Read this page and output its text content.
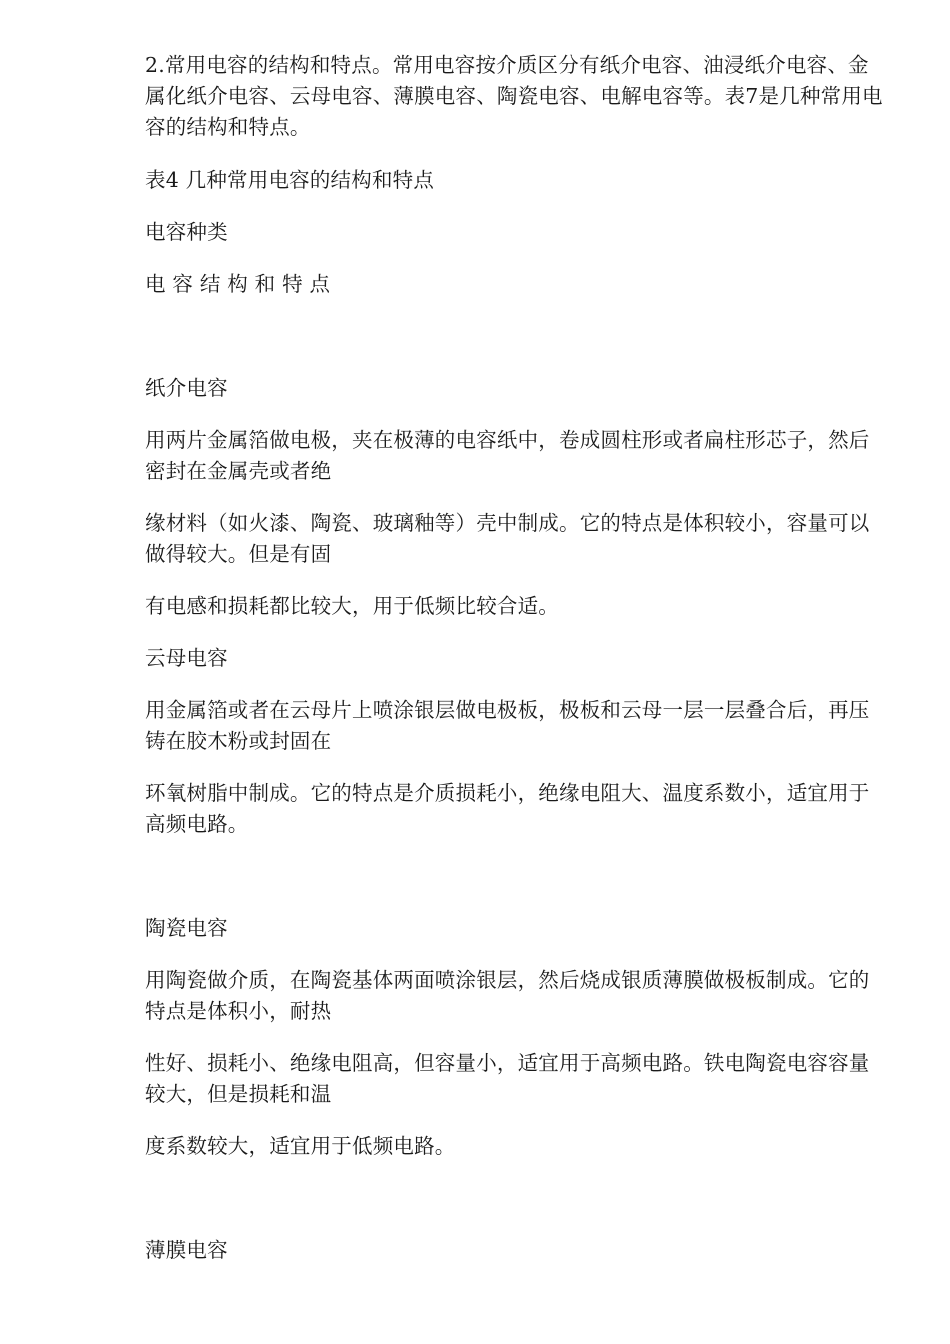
2.常用电容的结构和特点。常用电容按介质区分有纸介电容、油浸纸介电容、金属化纸介电容、云母电容、薄膜电容、陶瓷电容、电解电容等。表7是几种常用电容的结构和特点。

表4 几种常用电容的结构和特点

电容种类

电 容 结 构 和 特 点

纸介电容

用两片金属箔做电极，夹在极薄的电容纸中，卷成圆柱形或者扁柱形芯子，然后密封在金属壳或者绝

缘材料（如火漆、陶瓷、玻璃釉等）壳中制成。它的特点是体积较小，容量可以做得较大。但是有固

有电感和损耗都比较大，用于低频比较合适。

云母电容

用金属箔或者在云母片上喷涂银层做电极板，极板和云母一层一层叠合后，再压铸在胶木粉或封固在

环氧树脂中制成。它的特点是介质损耗小，绝缘电阻大、温度系数小，适宜用于高频电路。

陶瓷电容

用陶瓷做介质，在陶瓷基体两面喷涂银层，然后烧成银质薄膜做极板制成。它的特点是体积小，耐热

性好、损耗小、绝缘电阻高，但容量小，适宜用于高频电路。铁电陶瓷电容容量较大，但是损耗和温

度系数较大，适宜用于低频电路。

薄膜电容
